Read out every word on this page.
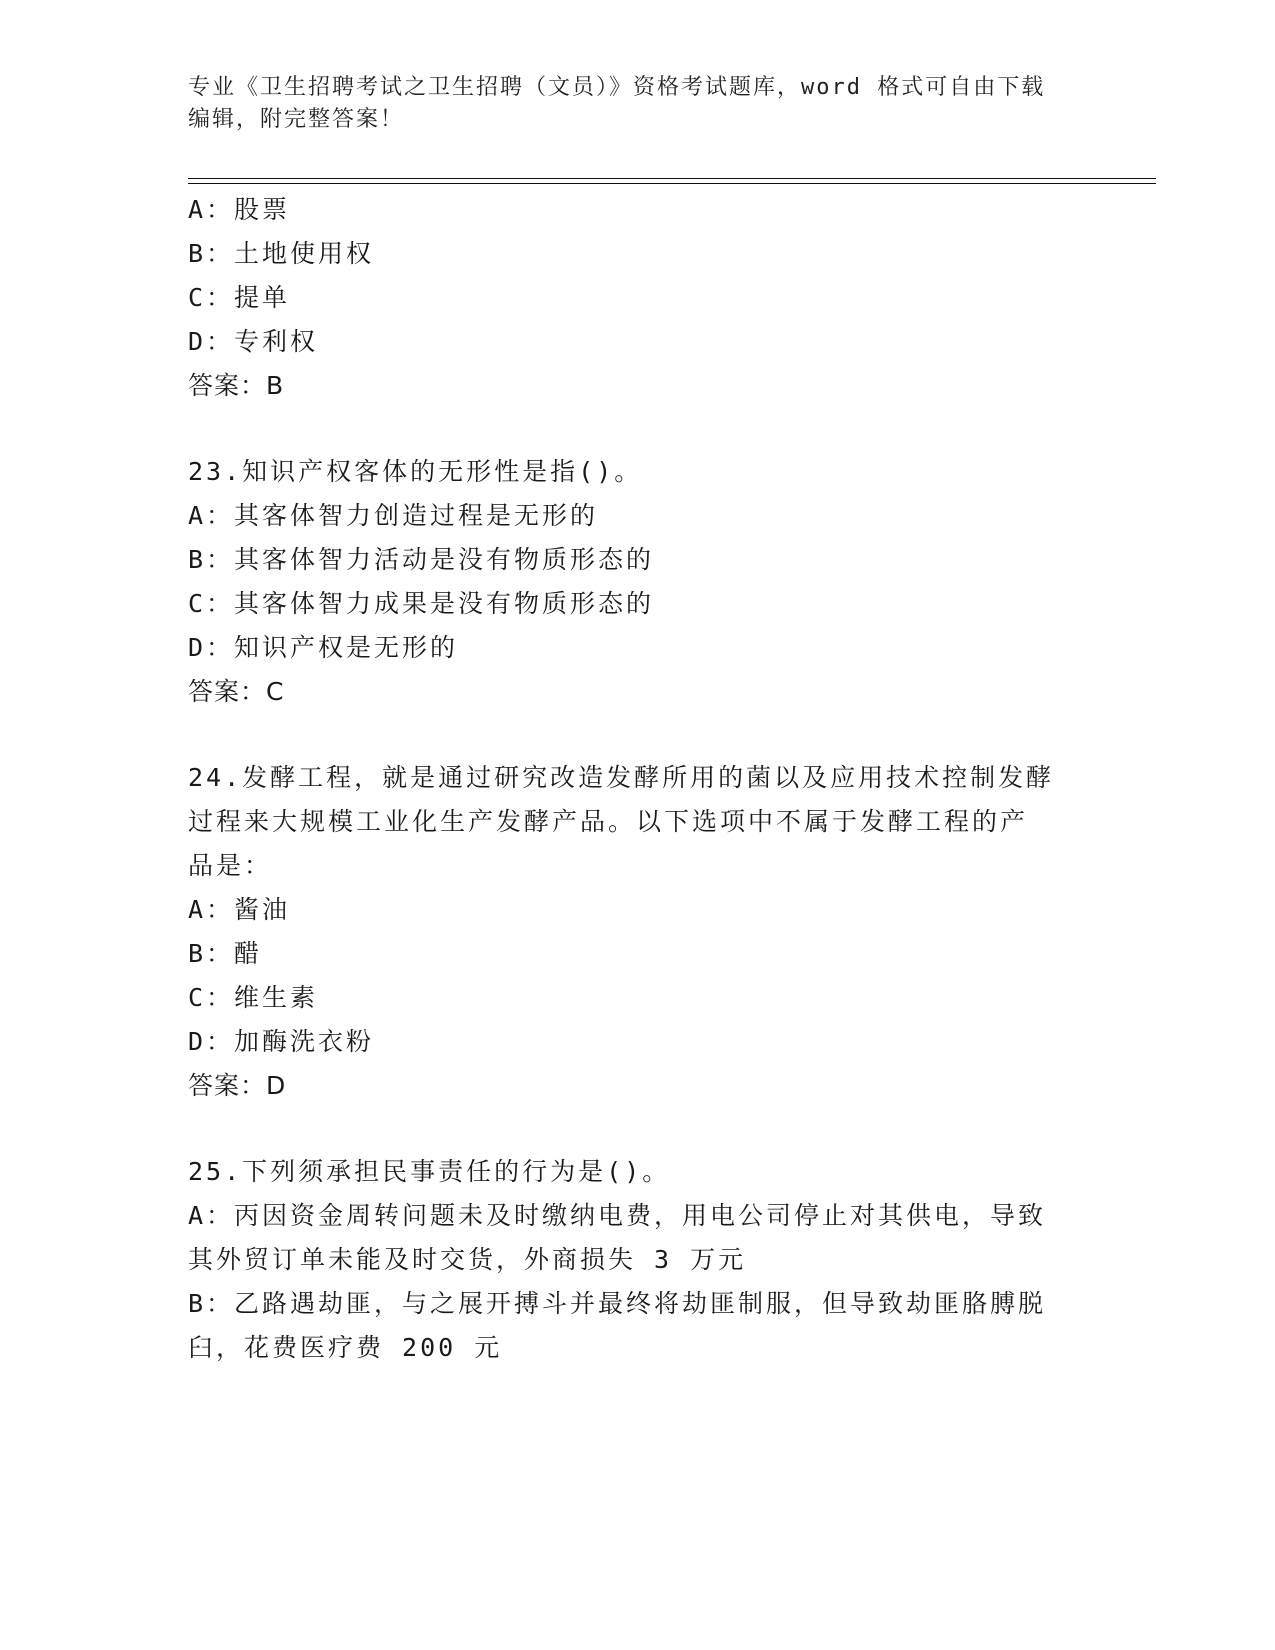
专业《卫生招聘考试之卫生招聘（文员）》资格考试题库，word 格式可自由下载
编辑，附完整答案！
A：股票
B：土地使用权
C：提单
D：专利权
答案：B
23.知识产权客体的无形性是指()。
A：其客体智力创造过程是无形的
B：其客体智力活动是没有物质形态的
C：其客体智力成果是没有物质形态的
D：知识产权是无形的
答案：C
24.发酵工程，就是通过研究改造发酵所用的菌以及应用技术控制发酵
过程来大规模工业化生产发酵产品。以下选项中不属于发酵工程的产
品是：
A：酱油
B：醋
C：维生素
D：加酶洗衣粉
答案：D
25.下列须承担民事责任的行为是()。
A：丙因资金周转问题未及时缴纳电费，用电公司停止对其供电，导致
其外贸订单未能及时交货，外商损失 3 万元
B：乙路遇劫匪，与之展开搏斗并最终将劫匪制服，但导致劫匪胳膊脱
臼，花费医疗费 200 元
